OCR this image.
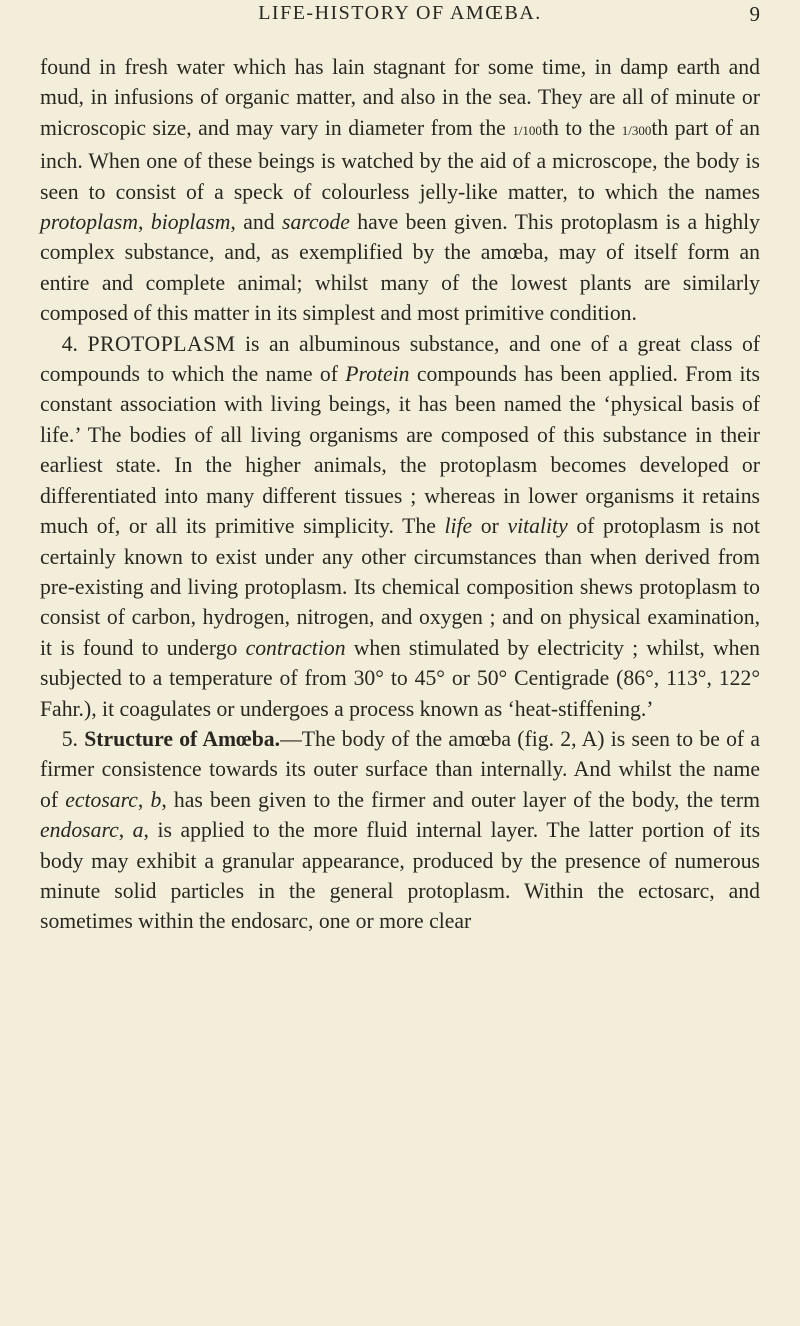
LIFE-HISTORY OF AMŒBA.	9

found in fresh water which has lain stagnant for some time, in damp earth and mud, in infusions of organic matter, and also in the sea. They are all of minute or microscopic size, and may vary in diameter from the 1/100th to the 1/300th part of an inch. When one of these beings is watched by the aid of a microscope, the body is seen to consist of a speck of colourless jelly-like matter, to which the names protoplasm, bioplasm, and sarcode have been given. This protoplasm is a highly complex substance, and, as exemplified by the amœba, may of itself form an entire and complete animal; whilst many of the lowest plants are similarly composed of this matter in its simplest and most primitive condition.

 4. PROTOPLASM is an albuminous substance, and one of a great class of compounds to which the name of Protein compounds has been applied. From its constant association with living beings, it has been named the ‘physical basis of life.’ The bodies of all living organisms are composed of this substance in their earliest state. In the higher animals, the protoplasm becomes developed or differentiated into many different tissues ; whereas in lower organisms it retains much of, or all its primitive simplicity. The life or vitality of protoplasm is not certainly known to exist under any other circumstances than when derived from pre-existing and living protoplasm. Its chemical composition shews protoplasm to consist of carbon, hydrogen, nitrogen, and oxygen ; and on physical examination, it is found to undergo contraction when stimulated by electricity ; whilst, when subjected to a temperature of from 30° to 45° or 50° Centigrade (86°, 113°, 122° Fahr.), it coagulates or undergoes a process known as ‘heat-stiffening.’

 5. Structure of Amœba.—The body of the amœba (fig. 2, A) is seen to be of a firmer consistence towards its outer surface than internally. And whilst the name of ectosarc, b, has been given to the firmer and outer layer of the body, the term endosarc, a, is applied to the more fluid internal layer. The latter portion of its body may exhibit a granular appearance, produced by the presence of numerous minute solid particles in the general protoplasm. Within the ectosarc, and sometimes within the endosarc, one or more clear
